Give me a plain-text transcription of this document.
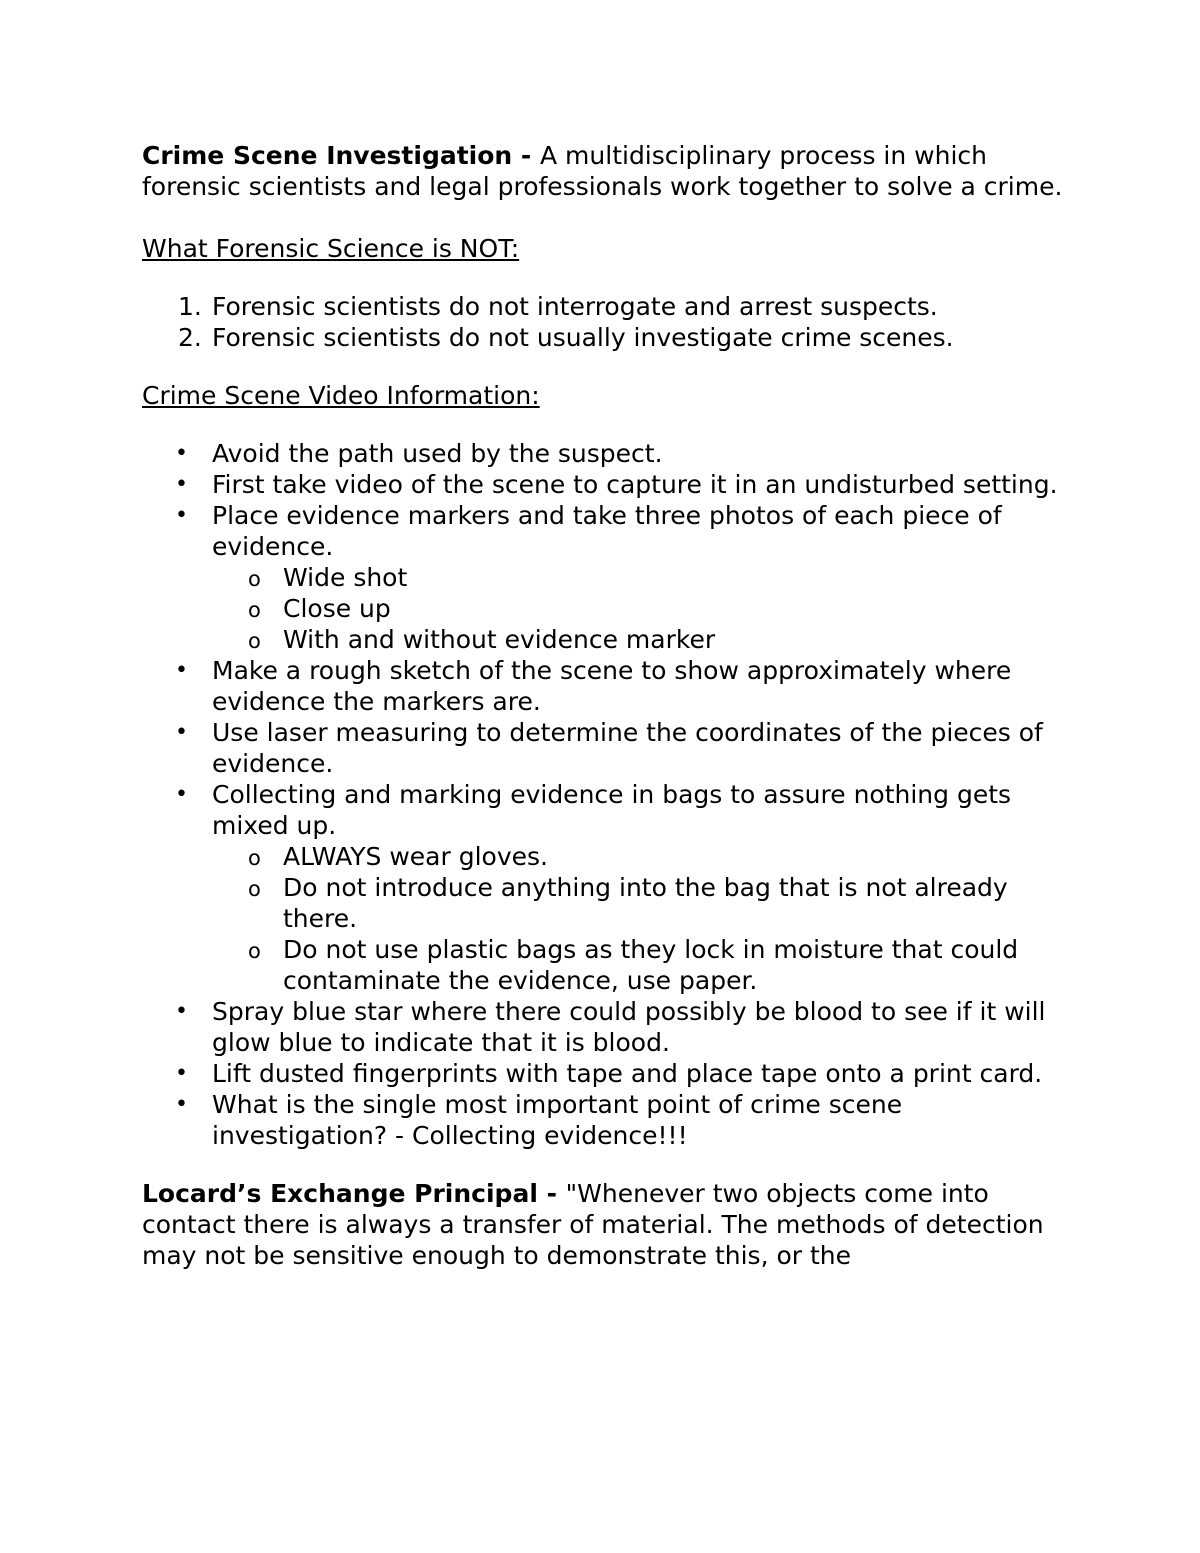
Crime Scene Investigation - A multidisciplinary process in which forensic scientists and legal professionals work together to solve a crime.

What Forensic Science is NOT:

1. Forensic scientists do not interrogate and arrest suspects.
2. Forensic scientists do not usually investigate crime scenes.

Crime Scene Video Information:

• Avoid the path used by the suspect.
• First take video of the scene to capture it in an undisturbed setting.
• Place evidence markers and take three photos of each piece of evidence.
o Wide shot
o Close up
o With and without evidence marker
• Make a rough sketch of the scene to show approximately where evidence the markers are.
• Use laser measuring to determine the coordinates of the pieces of evidence.
• Collecting and marking evidence in bags to assure nothing gets mixed up.
o ALWAYS wear gloves.
o Do not introduce anything into the bag that is not already there.
o Do not use plastic bags as they lock in moisture that could contaminate the evidence, use paper.
• Spray blue star where there could possibly be blood to see if it will glow blue to indicate that it is blood.
• Lift dusted fingerprints with tape and place tape onto a print card.
• What is the single most important point of crime scene investigation? - Collecting evidence!!!

Locard’s Exchange Principal - "Whenever two objects come into contact there is always a transfer of material. The methods of detection may not be sensitive enough to demonstrate this, or the
